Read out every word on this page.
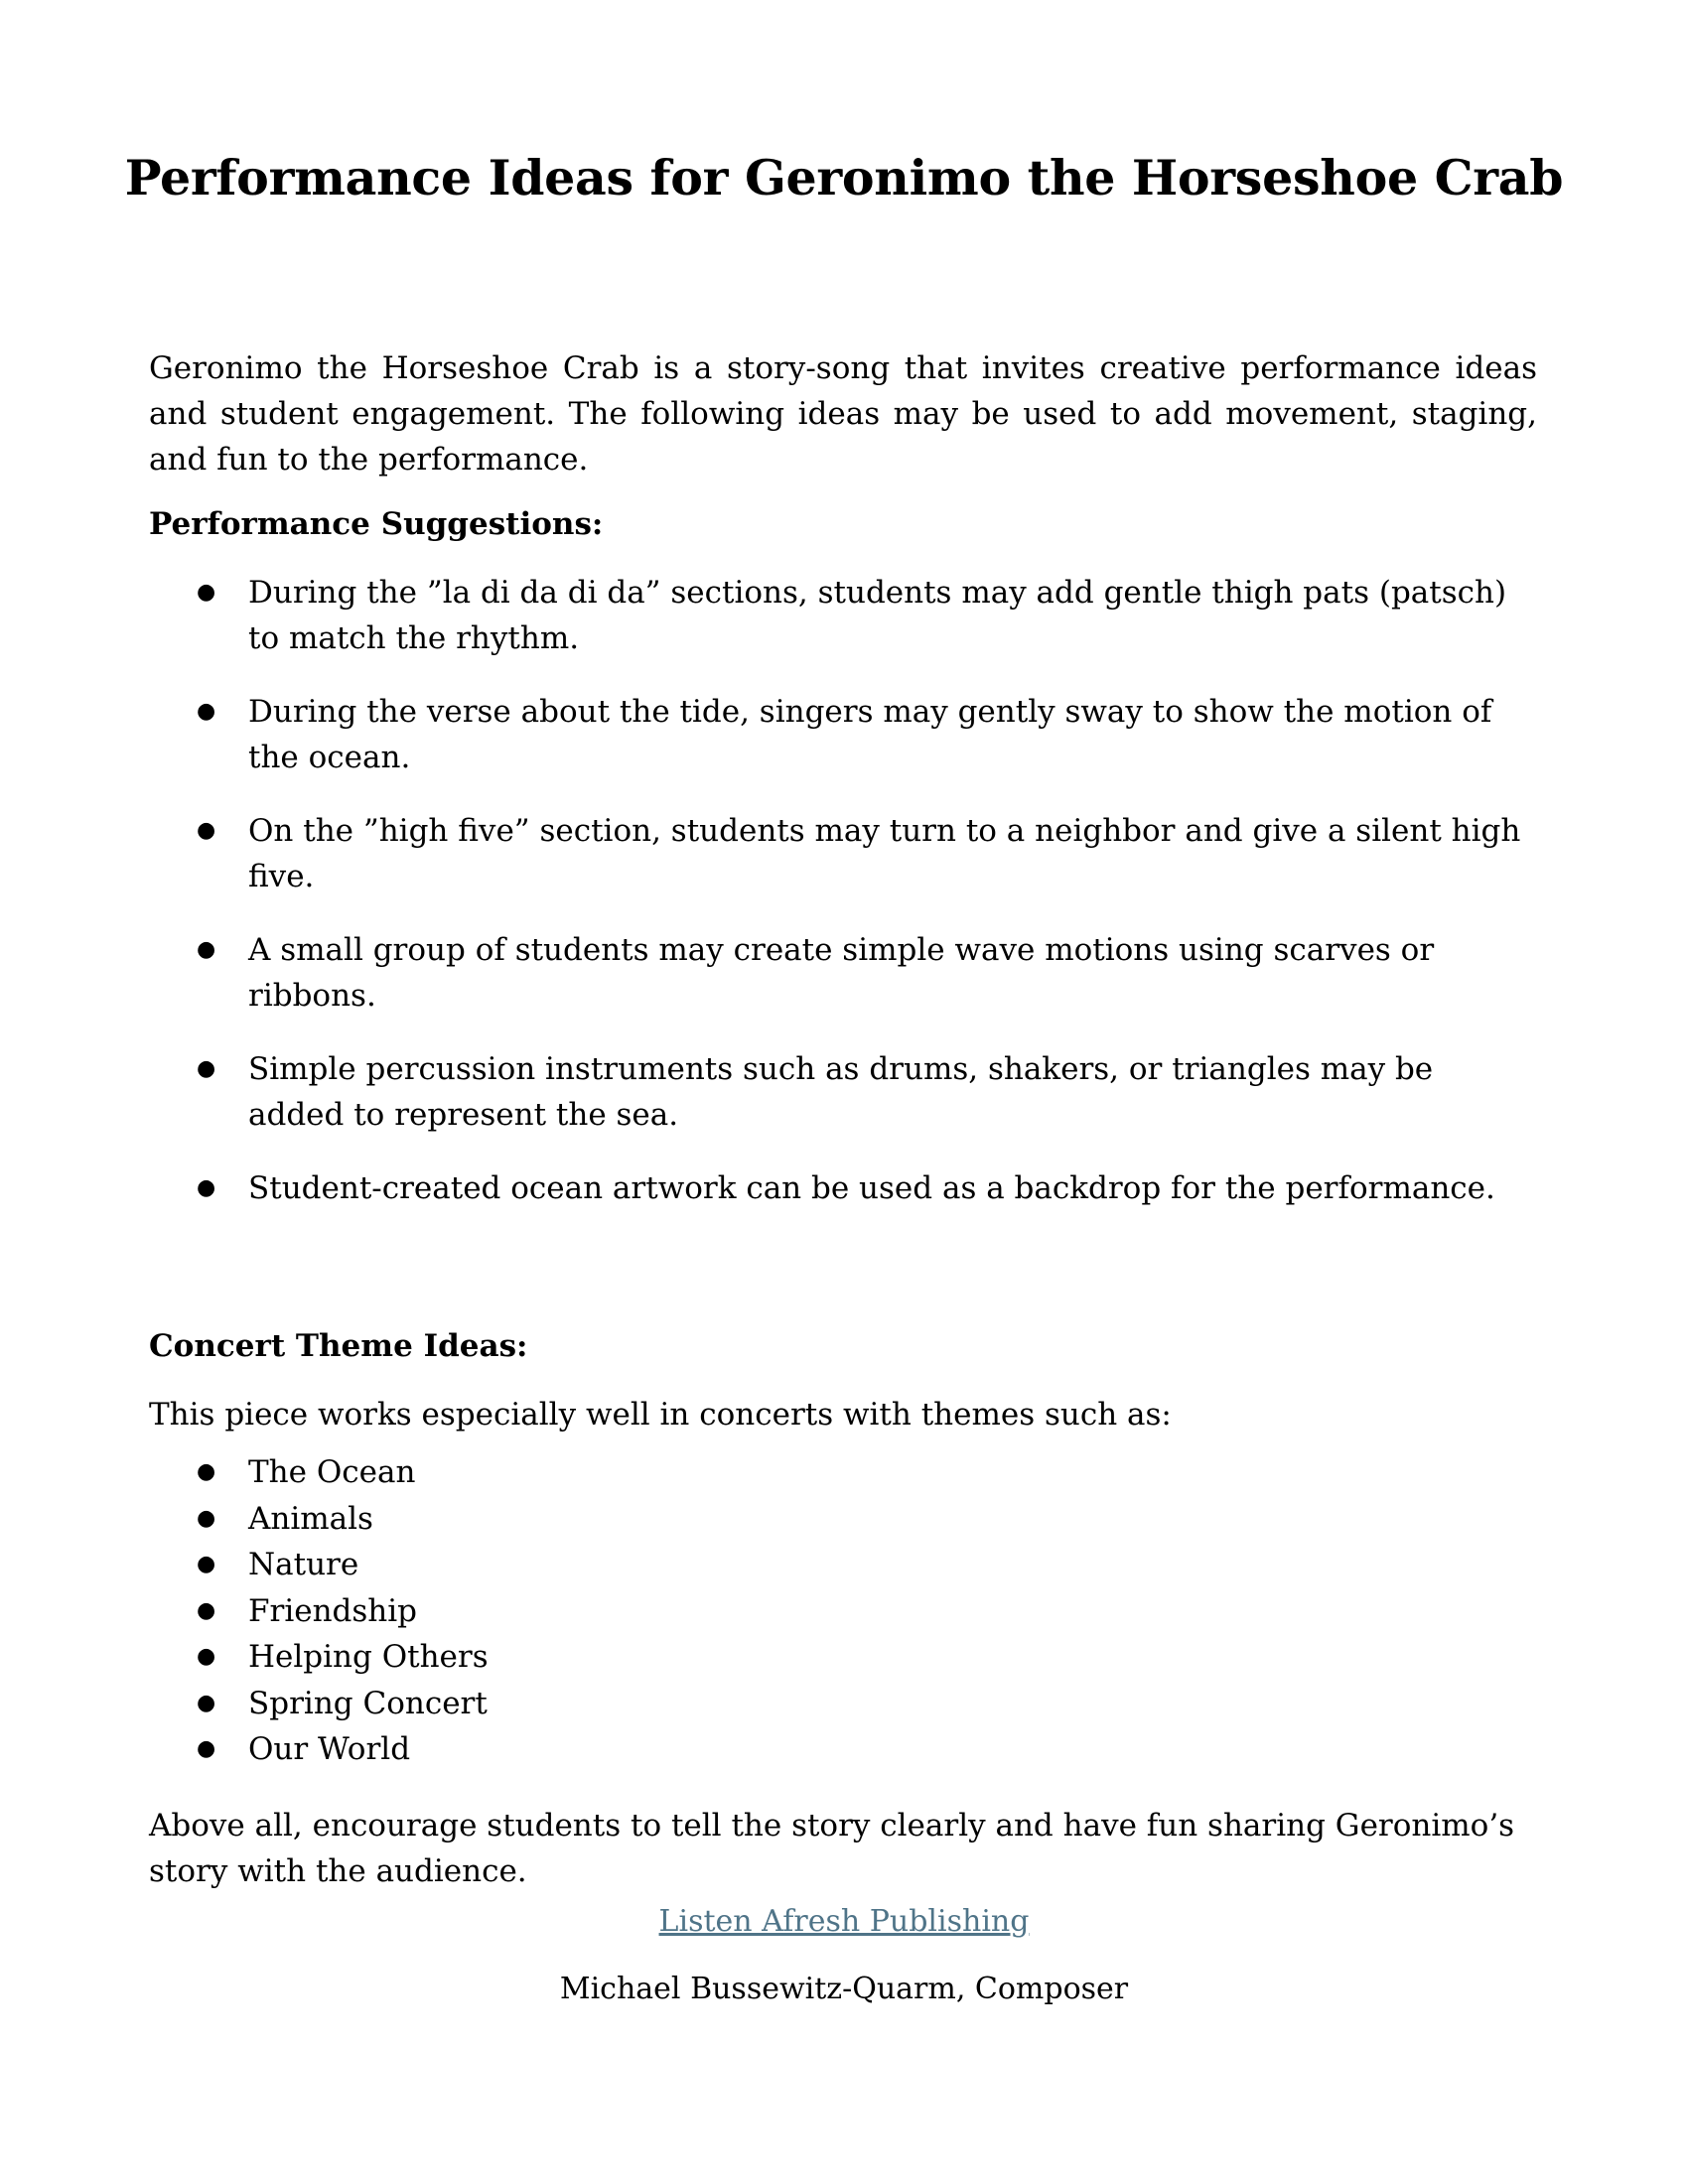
Performance Ideas for Geronimo the Horseshoe Crab

Geronimo the Horseshoe Crab is a story-song that invites creative performance ideas and student engagement. The following ideas may be used to add movement, staging, and fun to the performance.

Performance Suggestions:

● During the ”la di da di da” sections, students may add gentle thigh pats (patsch) to match the rhythm.
● During the verse about the tide, singers may gently sway to show the motion of the ocean.
● On the ”high five” section, students may turn to a neighbor and give a silent high five.
● A small group of students may create simple wave motions using scarves or ribbons.
● Simple percussion instruments such as drums, shakers, or triangles may be added to represent the sea.
● Student-created ocean artwork can be used as a backdrop for the performance.

Concert Theme Ideas:

This piece works especially well in concerts with themes such as:

● The Ocean
● Animals
● Nature
● Friendship
● Helping Others
● Spring Concert
● Our World

Above all, encourage students to tell the story clearly and have fun sharing Geronimo’s story with the audience.

Listen Afresh Publishing
Michael Bussewitz-Quarm, Composer
